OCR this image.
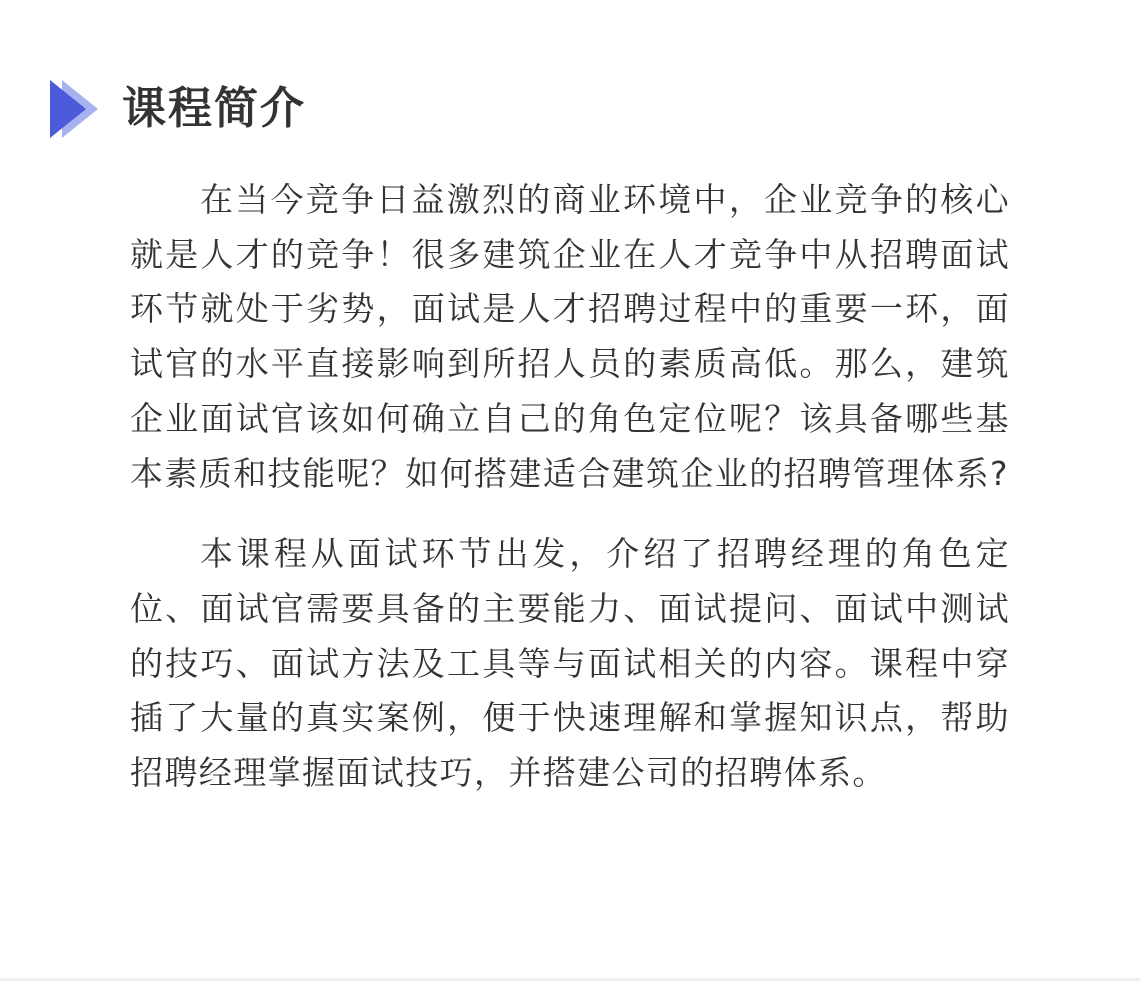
课程简介

在当今竞争日益激烈的商业环境中，企业竞争的核心就是人才的竞争！很多建筑企业在人才竞争中从招聘面试环节就处于劣势，面试是人才招聘过程中的重要一环，面试官的水平直接影响到所招人员的素质高低。那么，建筑企业面试官该如何确立自己的角色定位呢？该具备哪些基本素质和技能呢？如何搭建适合建筑企业的招聘管理体系?

本课程从面试环节出发，介绍了招聘经理的角色定位、面试官需要具备的主要能力、面试提问、面试中测试的技巧、面试方法及工具等与面试相关的内容。课程中穿插了大量的真实案例，便于快速理解和掌握知识点，帮助招聘经理掌握面试技巧，并搭建公司的招聘体系。
